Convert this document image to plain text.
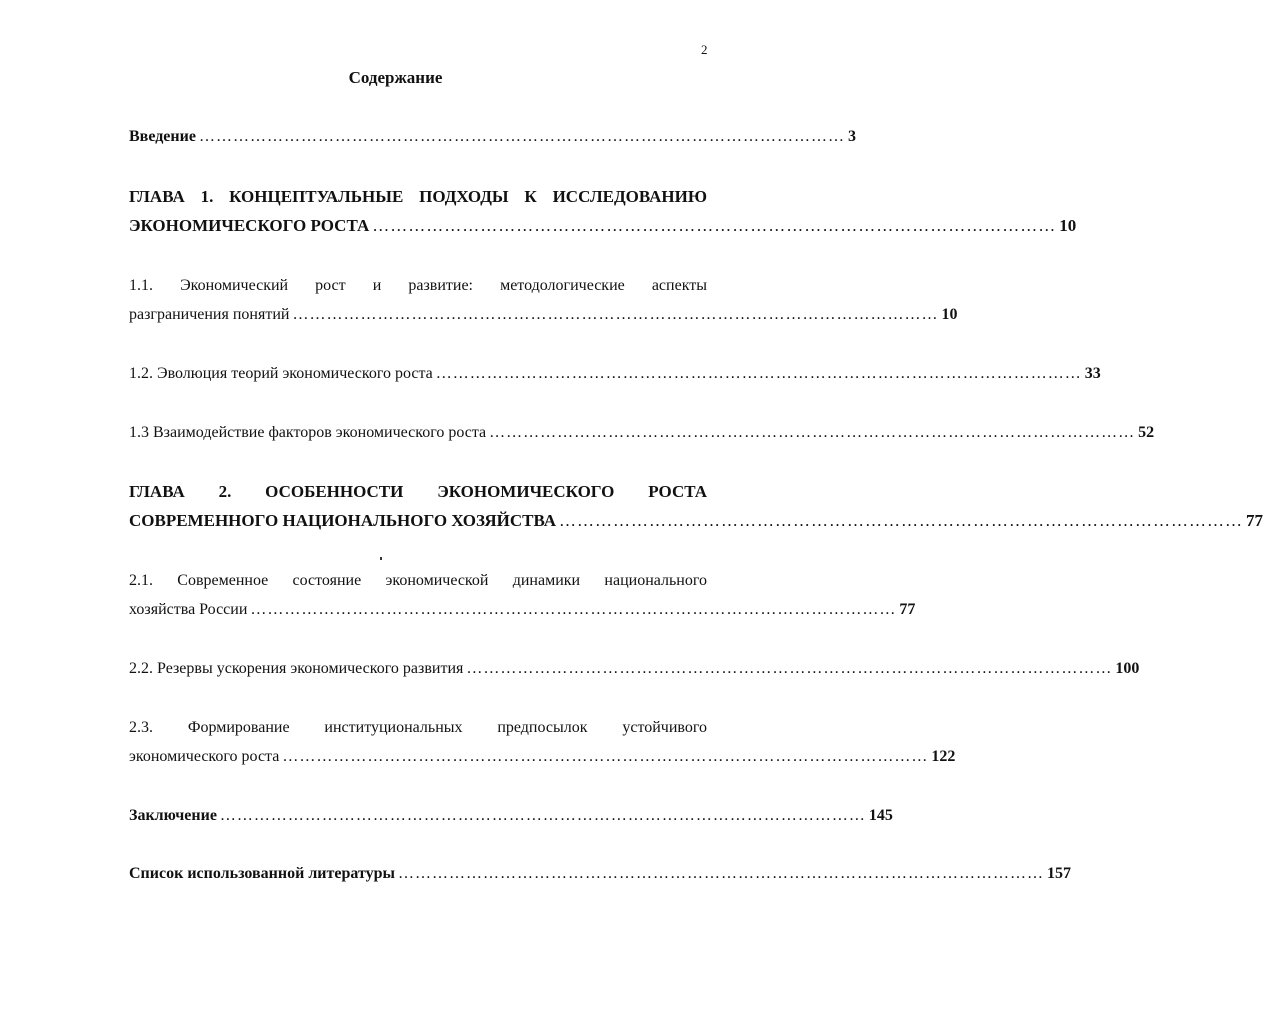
2
Содержание
Введение …………………………………………………………………………………………………… 3
ГЛАВА 1. КОНЦЕПТУАЛЬНЫЕ ПОДХОДЫ К ИССЛЕДОВАНИЮ
ЭКОНОМИЧЕСКОГО РОСТА …………………………………………………………………………………………………… 10
1.1. Экономический рост и развитие: методологические аспекты
разграничения понятий …………………………………………………………………………………………………… 10
1.2. Эволюция теорий экономического роста …………………………………………………………………………………………………… 33
1.3 Взаимодействие факторов экономического роста …………………………………………………………………………………………………… 52
ГЛАВА 2. ОСОБЕННОСТИ ЭКОНОМИЧЕСКОГО РОСТА
СОВРЕМЕННОГО НАЦИОНАЛЬНОГО ХОЗЯЙСТВА …………………………………………………………………………………………………… 77
2.1. Современное состояние экономической динамики национального
хозяйства России …………………………………………………………………………………………………… 77
2.2. Резервы ускорения экономического развития …………………………………………………………………………………………………… 100
2.3. Формирование институциональных предпосылок устойчивого
экономического роста …………………………………………………………………………………………………… 122
Заключение …………………………………………………………………………………………………… 145
Список использованной литературы …………………………………………………………………………………………………… 157
